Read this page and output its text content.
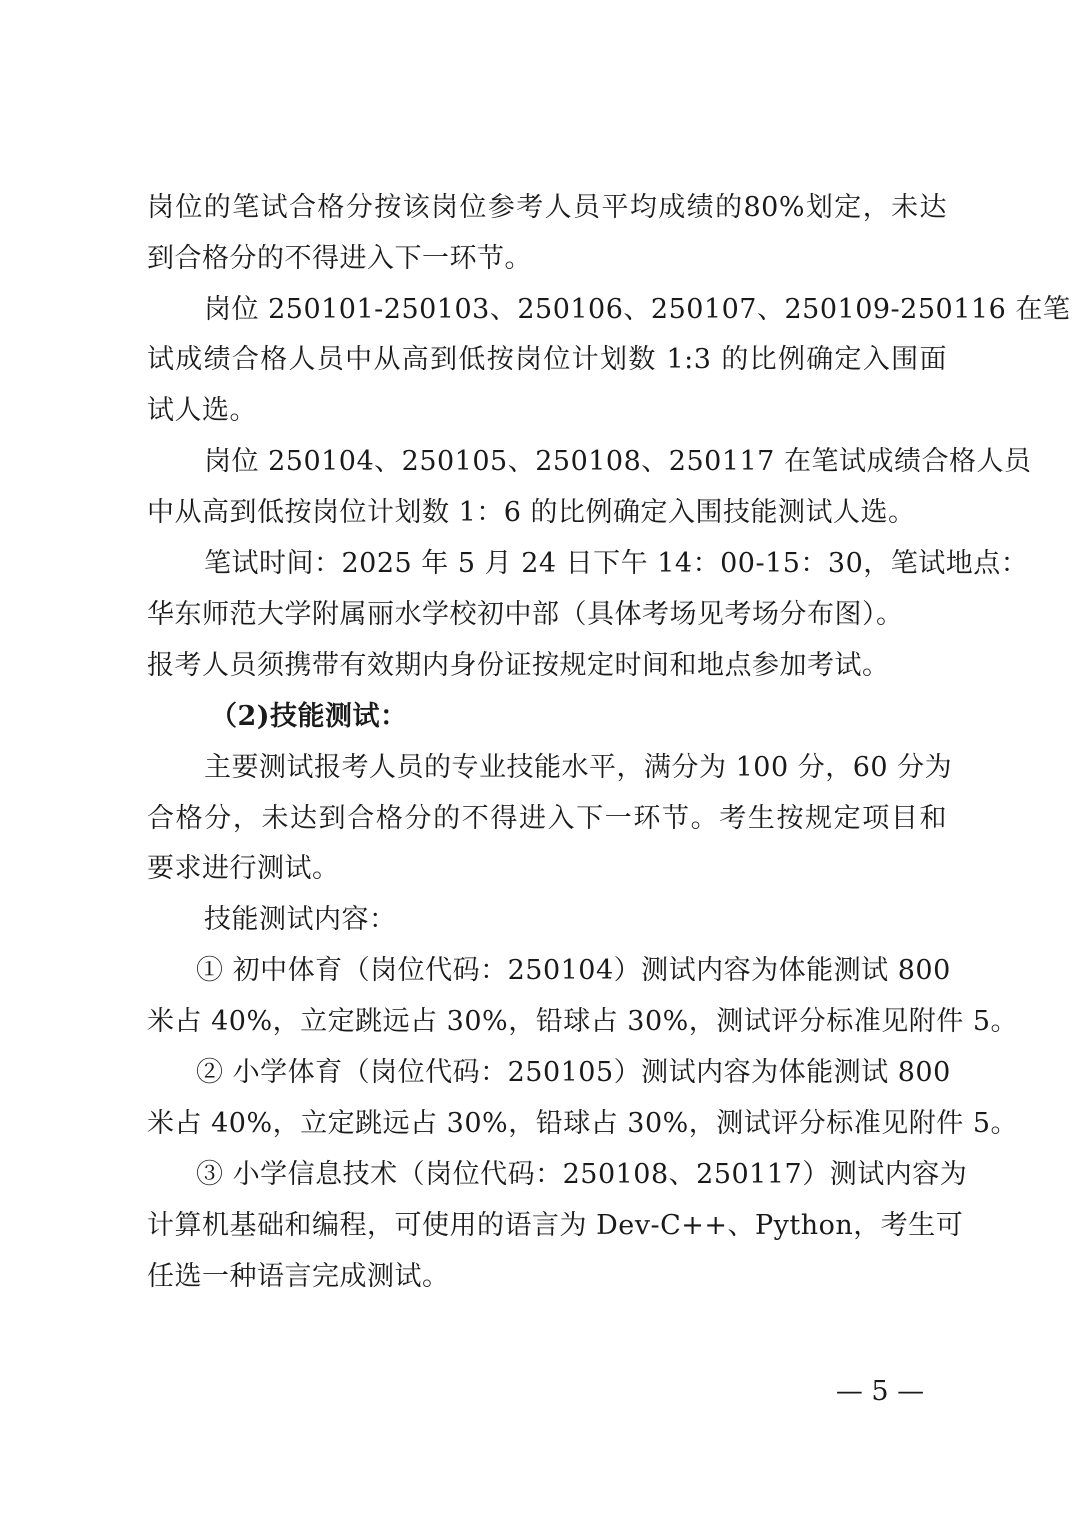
岗位的笔试合格分按该岗位参考人员平均成绩的80%划定，未达
到合格分的不得进入下一环节。
岗位 250101-250103、250106、250107、250109-250116 在笔
试成绩合格人员中从高到低按岗位计划数 1:3 的比例确定入围面
试人选。
岗位 250104、250105、250108、250117 在笔试成绩合格人员
中从高到低按岗位计划数 1：6 的比例确定入围技能测试人选。
笔试时间：2025 年 5 月 24 日下午 14：00-15：30，笔试地点：
华东师范大学附属丽水学校初中部（具体考场见考场分布图）。
报考人员须携带有效期内身份证按规定时间和地点参加考试。
（2)技能测试：
主要测试报考人员的专业技能水平，满分为 100 分，60 分为
合格分，未达到合格分的不得进入下一环节。考生按规定项目和
要求进行测试。
技能测试内容：
① 初中体育（岗位代码：250104）测试内容为体能测试 800
米占 40%，立定跳远占 30%，铅球占 30%，测试评分标准见附件 5。
② 小学体育（岗位代码：250105）测试内容为体能测试 800
米占 40%，立定跳远占 30%，铅球占 30%，测试评分标准见附件 5。
③ 小学信息技术（岗位代码：250108、250117）测试内容为
计算机基础和编程，可使用的语言为 Dev-C++、Python，考生可
任选一种语言完成测试。
— 5 —
